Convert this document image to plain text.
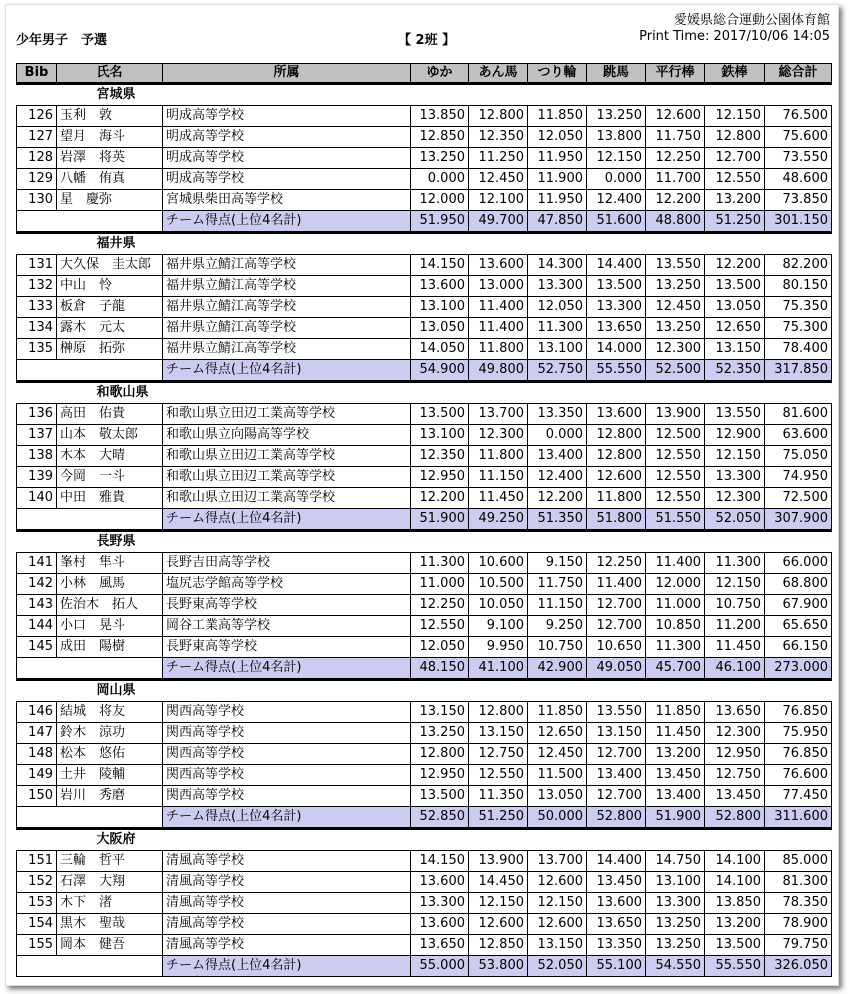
少年男子　予選	【 2班 】
愛媛県総合運動公園体育館
Print Time: 2017/10/06 14:05
Bib	氏名	所属	ゆか	あん馬	つり輪	跳馬	平行棒	鉄棒	総合計
	宮城県								
126	玉利　敦	明成高等学校	13.850	12.800	11.850	13.250	12.600	12.150	76.500
127	望月　海斗	明成高等学校	12.850	12.350	12.050	13.800	11.750	12.800	75.600
128	岩澤　将英	明成高等学校	13.250	11.250	11.950	12.150	12.250	12.700	73.550
129	八幡　侑真	明成高等学校	0.000	12.450	11.900	0.000	11.700	12.550	48.600
130	星　慶弥	宮城県柴田高等学校	12.000	12.100	11.950	12.400	12.200	13.200	73.850
		チーム得点(上位4名計)	51.950	49.700	47.850	51.600	48.800	51.250	301.150
	福井県								
131	大久保　圭太郎	福井県立鯖江高等学校	14.150	13.600	14.300	14.400	13.550	12.200	82.200
132	中山　怜	福井県立鯖江高等学校	13.600	13.000	13.300	13.500	13.250	13.500	80.150
133	板倉　子龍	福井県立鯖江高等学校	13.100	11.400	12.050	13.300	12.450	13.050	75.350
134	露木　元太	福井県立鯖江高等学校	13.050	11.400	11.300	13.650	13.250	12.650	75.300
135	榊原　拓弥	福井県立鯖江高等学校	14.050	11.800	13.100	14.000	12.300	13.150	78.400
		チーム得点(上位4名計)	54.900	49.800	52.750	55.550	52.500	52.350	317.850
	和歌山県								
136	高田　佑貴	和歌山県立田辺工業高等学校	13.500	13.700	13.350	13.600	13.900	13.550	81.600
137	山本　敬太郎	和歌山県立向陽高等学校	13.100	12.300	0.000	12.800	12.500	12.900	63.600
138	木本　大晴	和歌山県立田辺工業高等学校	12.350	11.800	13.400	12.800	12.550	12.150	75.050
139	今岡　一斗	和歌山県立田辺工業高等学校	12.950	11.150	12.400	12.600	12.550	13.300	74.950
140	中田　雅貴	和歌山県立田辺工業高等学校	12.200	11.450	12.200	11.800	12.550	12.300	72.500
		チーム得点(上位4名計)	51.900	49.250	51.350	51.800	51.550	52.050	307.900
	長野県								
141	峯村　隼斗	長野吉田高等学校	11.300	10.600	9.150	12.250	11.400	11.300	66.000
142	小林　風馬	塩尻志学館高等学校	11.000	10.500	11.750	11.400	12.000	12.150	68.800
143	佐治木　拓人	長野東高等学校	12.250	10.050	11.150	12.700	11.000	10.750	67.900
144	小口　晃斗	岡谷工業高等学校	12.550	9.100	9.250	12.700	10.850	11.200	65.650
145	成田　陽樹	長野東高等学校	12.050	9.950	10.750	10.650	11.300	11.450	66.150
		チーム得点(上位4名計)	48.150	41.100	42.900	49.050	45.700	46.100	273.000
	岡山県								
146	結城　将友	関西高等学校	13.150	12.800	11.850	13.550	11.850	13.650	76.850
147	鈴木　涼功	関西高等学校	13.250	13.150	12.650	13.150	11.450	12.300	75.950
148	松本　悠佑	関西高等学校	12.800	12.750	12.450	12.700	13.200	12.950	76.850
149	土井　陵輔	関西高等学校	12.950	12.550	11.500	13.400	13.450	12.750	76.600
150	岩川　秀磨	関西高等学校	13.500	11.350	13.050	12.700	13.400	13.450	77.450
		チーム得点(上位4名計)	52.850	51.250	50.000	52.800	51.900	52.800	311.600
	大阪府								
151	三輪　哲平	清風高等学校	14.150	13.900	13.700	14.400	14.750	14.100	85.000
152	石澤　大翔	清風高等学校	13.600	14.450	12.600	13.450	13.100	14.100	81.300
153	木下　渚	清風高等学校	13.300	12.150	12.150	13.600	13.300	13.850	78.350
154	黒木　聖哉	清風高等学校	13.600	12.600	12.600	13.650	13.250	13.200	78.900
155	岡本　健吾	清風高等学校	13.650	12.850	13.150	13.350	13.250	13.500	79.750
		チーム得点(上位4名計)	55.000	53.800	52.050	55.100	54.550	55.550	326.050
